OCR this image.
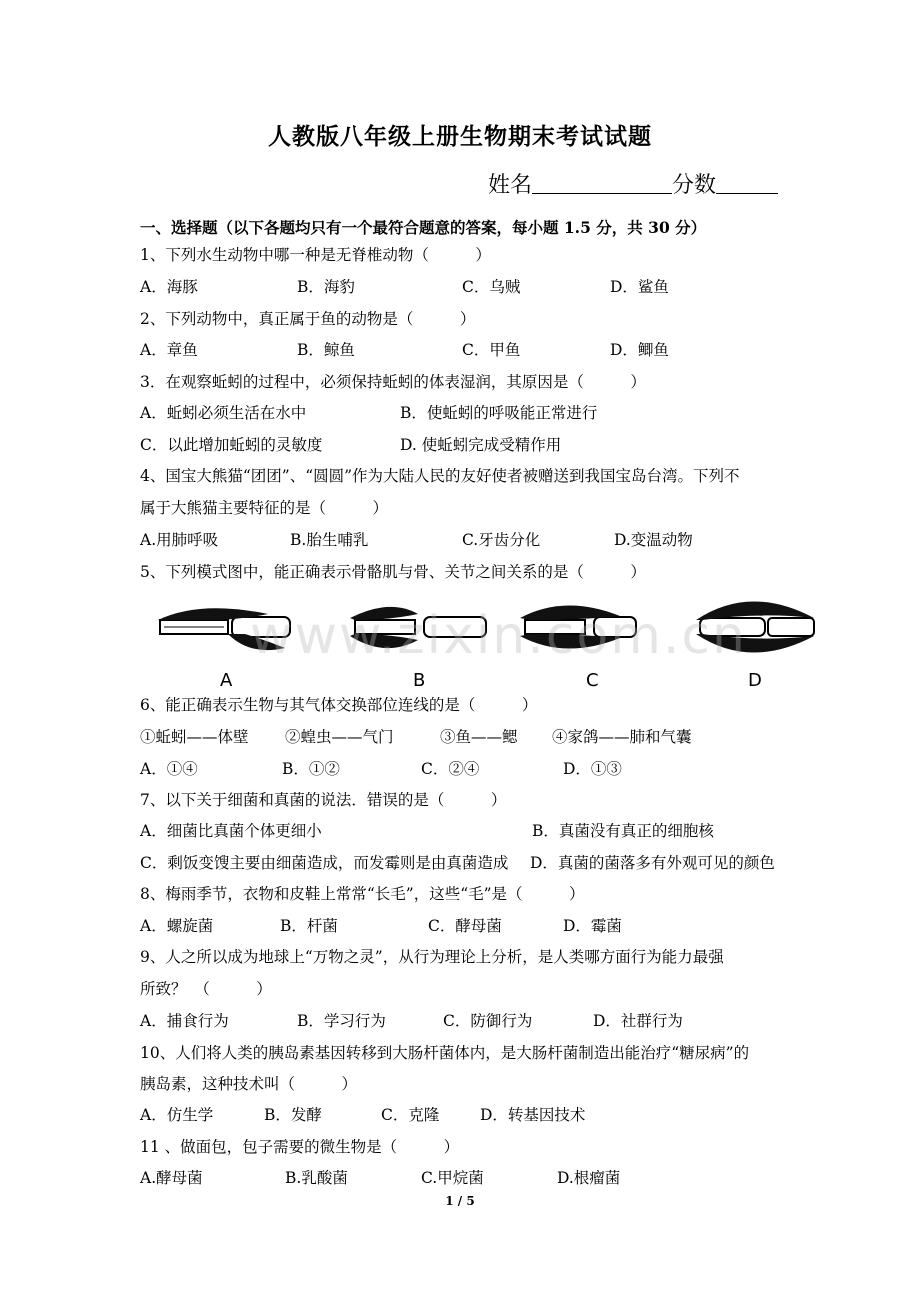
人教版八年级上册生物期末考试试题
姓名	分数
一、选择题（以下各题均只有一个最符合题意的答案，每小题 1.5 分，共 30 分）
1、下列水生动物中哪一种是无脊椎动物（　　　）
A．海豚	B．海豹	C．乌贼	D．鲨鱼
2、下列动物中，真正属于鱼的动物是（　　　）
A．章鱼	B．鲸鱼	C．甲鱼	D．鲫鱼
3．在观察蚯蚓的过程中，必须保持蚯蚓的体表湿润，其原因是（　　　）
A．蚯蚓必须生活在水中	B．使蚯蚓的呼吸能正常进行
C．以此增加蚯蚓的灵敏度	D. 使蚯蚓完成受精作用
4、国宝大熊猫“团团”、“圆圆”作为大陆人民的友好使者被赠送到我国宝岛台湾。下列不
属于大熊猫主要特征的是（　　　）
A.用肺呼吸	B.胎生哺乳	C.牙齿分化	D.变温动物
5、下列模式图中，能正确表示骨骼肌与骨、关节之间关系的是（　　　）
A	B	C	D
www.zixin.com.cn
6、能正确表示生物与其气体交换部位连线的是（　　　）
①蚯蚓——体壁 ②蝗虫——气门	③鱼——鳃 ④家鸽——肺和气囊
A．①④	B．①②	C．②④	D．①③
7、以下关于细菌和真菌的说法．错误的是（　　　）
A．细菌比真菌个体更细小	B．真菌没有真正的细胞核
C．剩饭变馊主要由细菌造成，而发霉则是由真菌造成 D．真菌的菌落多有外观可见的颜色
8、梅雨季节，衣物和皮鞋上常常“长毛”，这些“毛”是（　　　）
A．螺旋菌	B．杆菌	C．酵母菌	D．霉菌
9、人之所以成为地球上“万物之灵”，从行为理论上分析，是人类哪方面行为能力最强
所致？　（　　　）
A．捕食行为	B．学习行为	C．防御行为	D．社群行为
10、人们将人类的胰岛素基因转移到大肠杆菌体内，是大肠杆菌制造出能治疗“糖尿病”的
胰岛素，这种技术叫（　　　）
A．仿生学	B．发酵	C．克隆	D．转基因技术
11 、做面包，包子需要的微生物是（　　　）
A.酵母菌	B.乳酸菌	C.甲烷菌	D.根瘤菌
1 / 5
